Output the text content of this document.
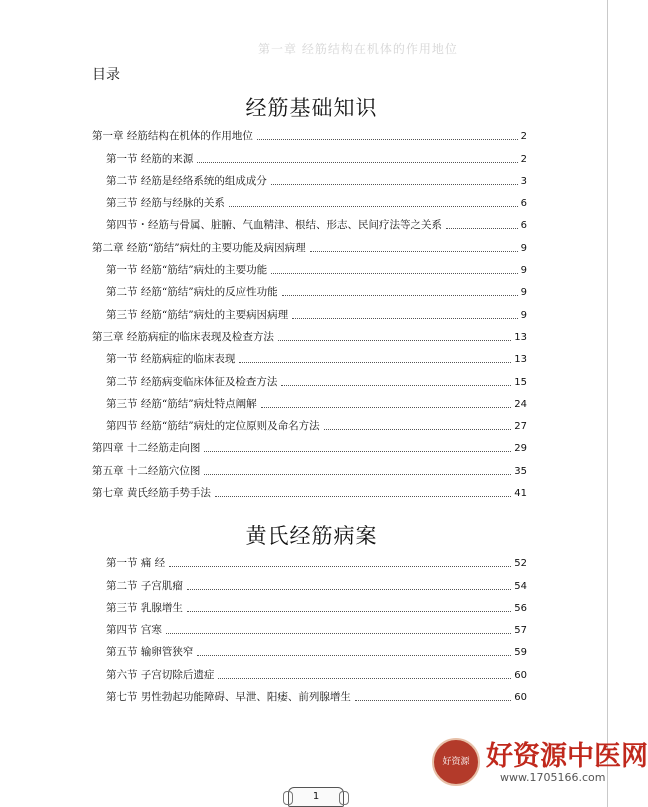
第一章 经筋结构在机体的作用地位
目录
经筋基础知识
第一章 经筋结构在机体的作用地位	2
第一节 经筋的来源	2
第二节 经筋是经络系统的组成成分	3
第三节 经筋与经脉的关系	6
第四节・经筋与骨属、脏腑、气血精津、根结、形志、民间疗法等之关系	6
第二章 经筋“筋结”病灶的主要功能及病因病理	9
第一节 经筋“筋结”病灶的主要功能	9
第二节 经筋“筋结”病灶的反应性功能	9
第三节 经筋“筋结”病灶的主要病因病理	9
第三章 经筋病症的临床表现及检查方法	13
第一节 经筋病症的临床表现	13
第二节 经筋病变临床体征及检查方法	15
第三节 经筋“筋结”病灶特点阐解	24
第四节 经筋“筋结”病灶的定位原则及命名方法	27
第四章 十二经筋走向图	29
第五章 十二经筋穴位图	35
第七章 黄氏经筋手势手法	41
黄氏经筋病案
第一节 痛 经	52
第二节 子宫肌瘤	54
第三节 乳腺增生	56
第四节 宫寒	57
第五节 输卵管狭窄	59
第六节 子宫切除后遗症	60
第七节 男性勃起功能障碍、早泄、阳痿、前列腺增生	60
1
好资源 好资源中医网
www.1705166.com
